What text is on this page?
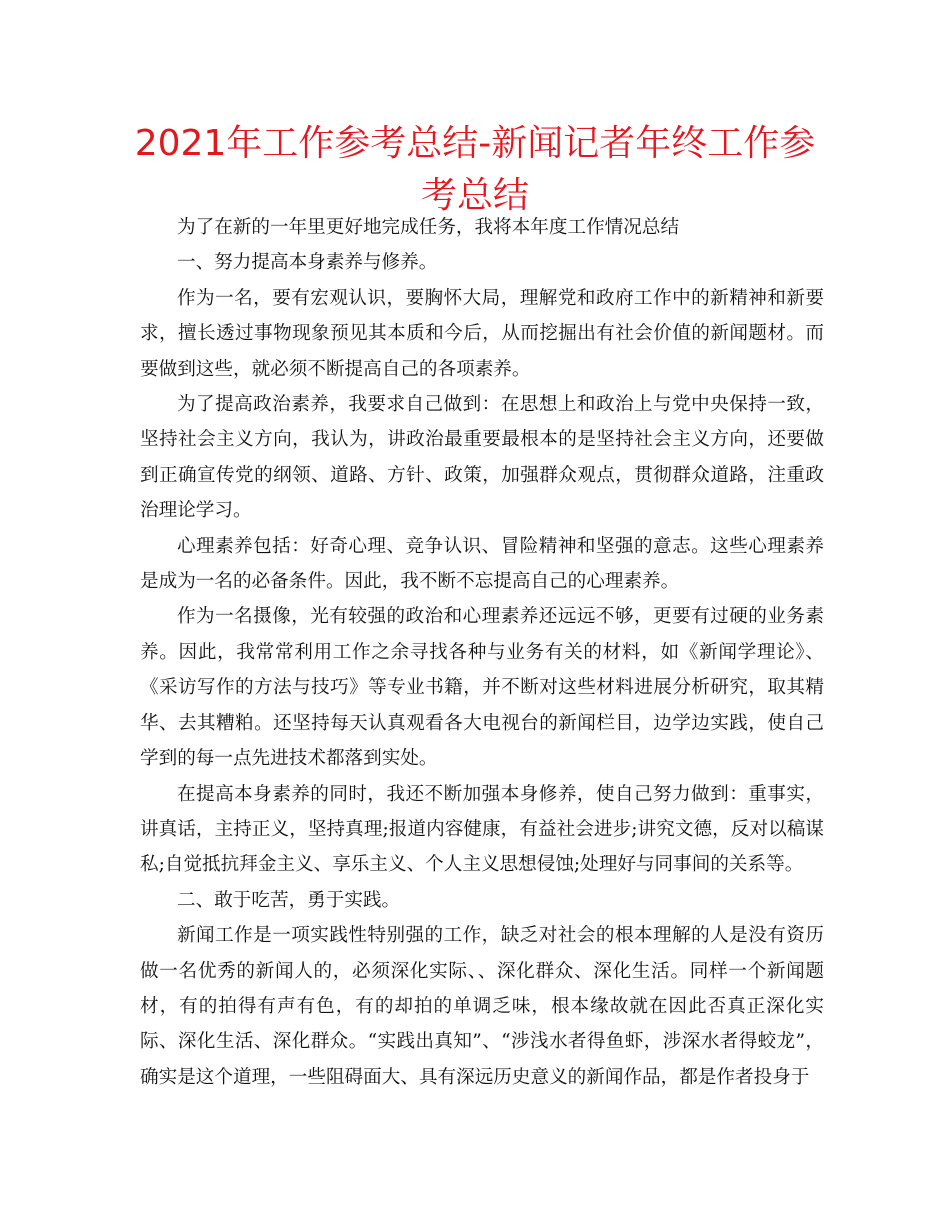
2021年工作参考总结-新闻记者年终工作参考总结

为了在新的一年里更好地完成任务，我将本年度工作情况总结

一、努力提高本身素养与修养。

作为一名，要有宏观认识，要胸怀大局，理解党和政府工作中的新精神和新要求，擅长透过事物现象预见其本质和今后，从而挖掘出有社会价值的新闻题材。而要做到这些，就必须不断提高自己的各项素养。

为了提高政治素养，我要求自己做到：在思想上和政治上与党中央保持一致，坚持社会主义方向，我认为，讲政治最重要最根本的是坚持社会主义方向，还要做到正确宣传党的纲领、道路、方针、政策，加强群众观点，贯彻群众道路，注重政治理论学习。

心理素养包括：好奇心理、竞争认识、冒险精神和坚强的意志。这些心理素养是成为一名的必备条件。因此，我不断不忘提高自己的心理素养。

作为一名摄像，光有较强的政治和心理素养还远远不够，更要有过硬的业务素养。因此，我常常利用工作之余寻找各种与业务有关的材料，如《新闻学理论》、《采访写作的方法与技巧》等专业书籍，并不断对这些材料进展分析研究，取其精华、去其糟粕。还坚持每天认真观看各大电视台的新闻栏目，边学边实践，使自己学到的每一点先进技术都落到实处。

在提高本身素养的同时，我还不断加强本身修养，使自己努力做到：重事实，讲真话，主持正义，坚持真理;报道内容健康，有益社会进步;讲究文德，反对以稿谋私;自觉抵抗拜金主义、享乐主义、个人主义思想侵蚀;处理好与同事间的关系等。

二、敢于吃苦，勇于实践。

新闻工作是一项实践性特别强的工作，缺乏对社会的根本理解的人是没有资历做一名优秀的新闻人的，必须深化实际、、深化群众、深化生活。同样一个新闻题材，有的拍得有声有色，有的却拍的单调乏味，根本缘故就在因此否真正深化实际、深化生活、深化群众。“实践出真知”、“涉浅水者得鱼虾，涉深水者得蛟龙”，确实是这个道理，一些阻碍面大、具有深远历史意义的新闻作品，都是作者投身于
